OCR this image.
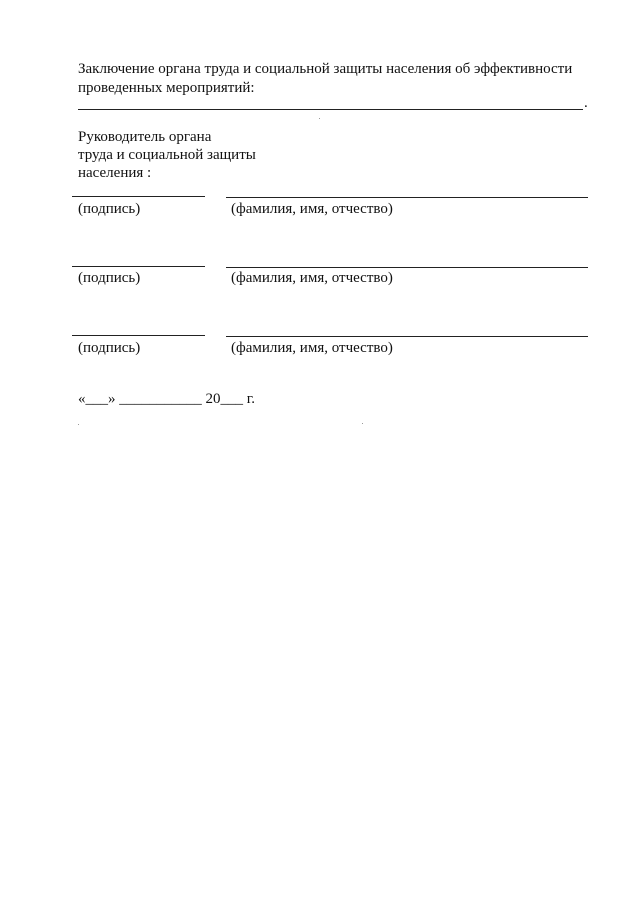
Заключение органа труда и социальной защиты населения об эффективности проведенных мероприятий:

.
Руководитель органа
труда и социальной защиты
населения :
(подпись)	(фамилия, имя, отчество)
(подпись)	(фамилия, имя, отчество)
(подпись)	(фамилия, имя, отчество)
«___» ___________ 20___ г.
